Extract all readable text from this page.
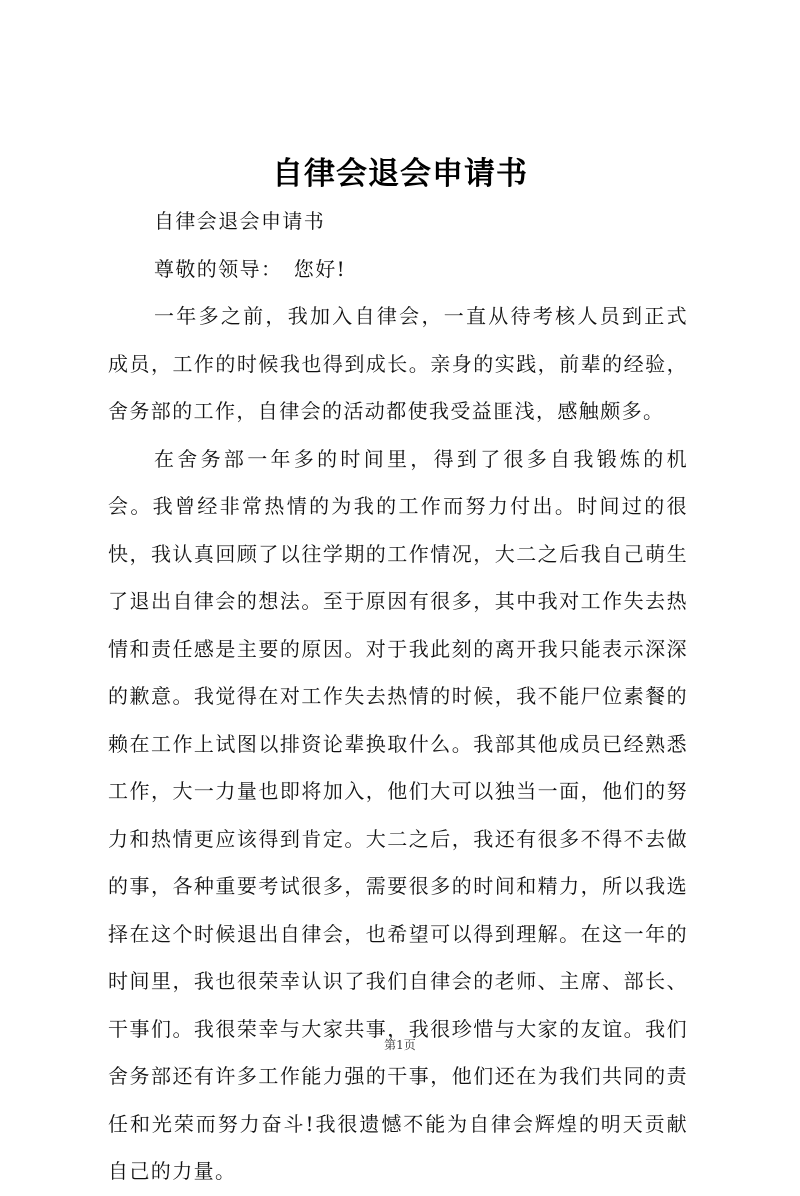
自律会退会申请书

自律会退会申请书

尊敬的领导：　您好!

一年多之前，我加入自律会，一直从待考核人员到正式成员，工作的时候我也得到成长。亲身的实践，前辈的经验，舍务部的工作，自律会的活动都使我受益匪浅，感触颇多。

在舍务部一年多的时间里，得到了很多自我锻炼的机会。我曾经非常热情的为我的工作而努力付出。时间过的很快，我认真回顾了以往学期的工作情况，大二之后我自己萌生了退出自律会的想法。至于原因有很多，其中我对工作失去热情和责任感是主要的原因。对于我此刻的离开我只能表示深深的歉意。我觉得在对工作失去热情的时候，我不能尸位素餐的赖在工作上试图以排资论辈换取什么。我部其他成员已经熟悉工作，大一力量也即将加入，他们大可以独当一面，他们的努力和热情更应该得到肯定。大二之后，我还有很多不得不去做的事，各种重要考试很多，需要很多的时间和精力，所以我选择在这个时候退出自律会，也希望可以得到理解。在这一年的时间里，我也很荣幸认识了我们自律会的老师、主席、部长、干事们。我很荣幸与大家共事，我很珍惜与大家的友谊。我们舍务部还有许多工作能力强的干事，他们还在为我们共同的责任和光荣而努力奋斗!我很遗憾不能为自律会辉煌的明天贡献自己的力量。

第1页
